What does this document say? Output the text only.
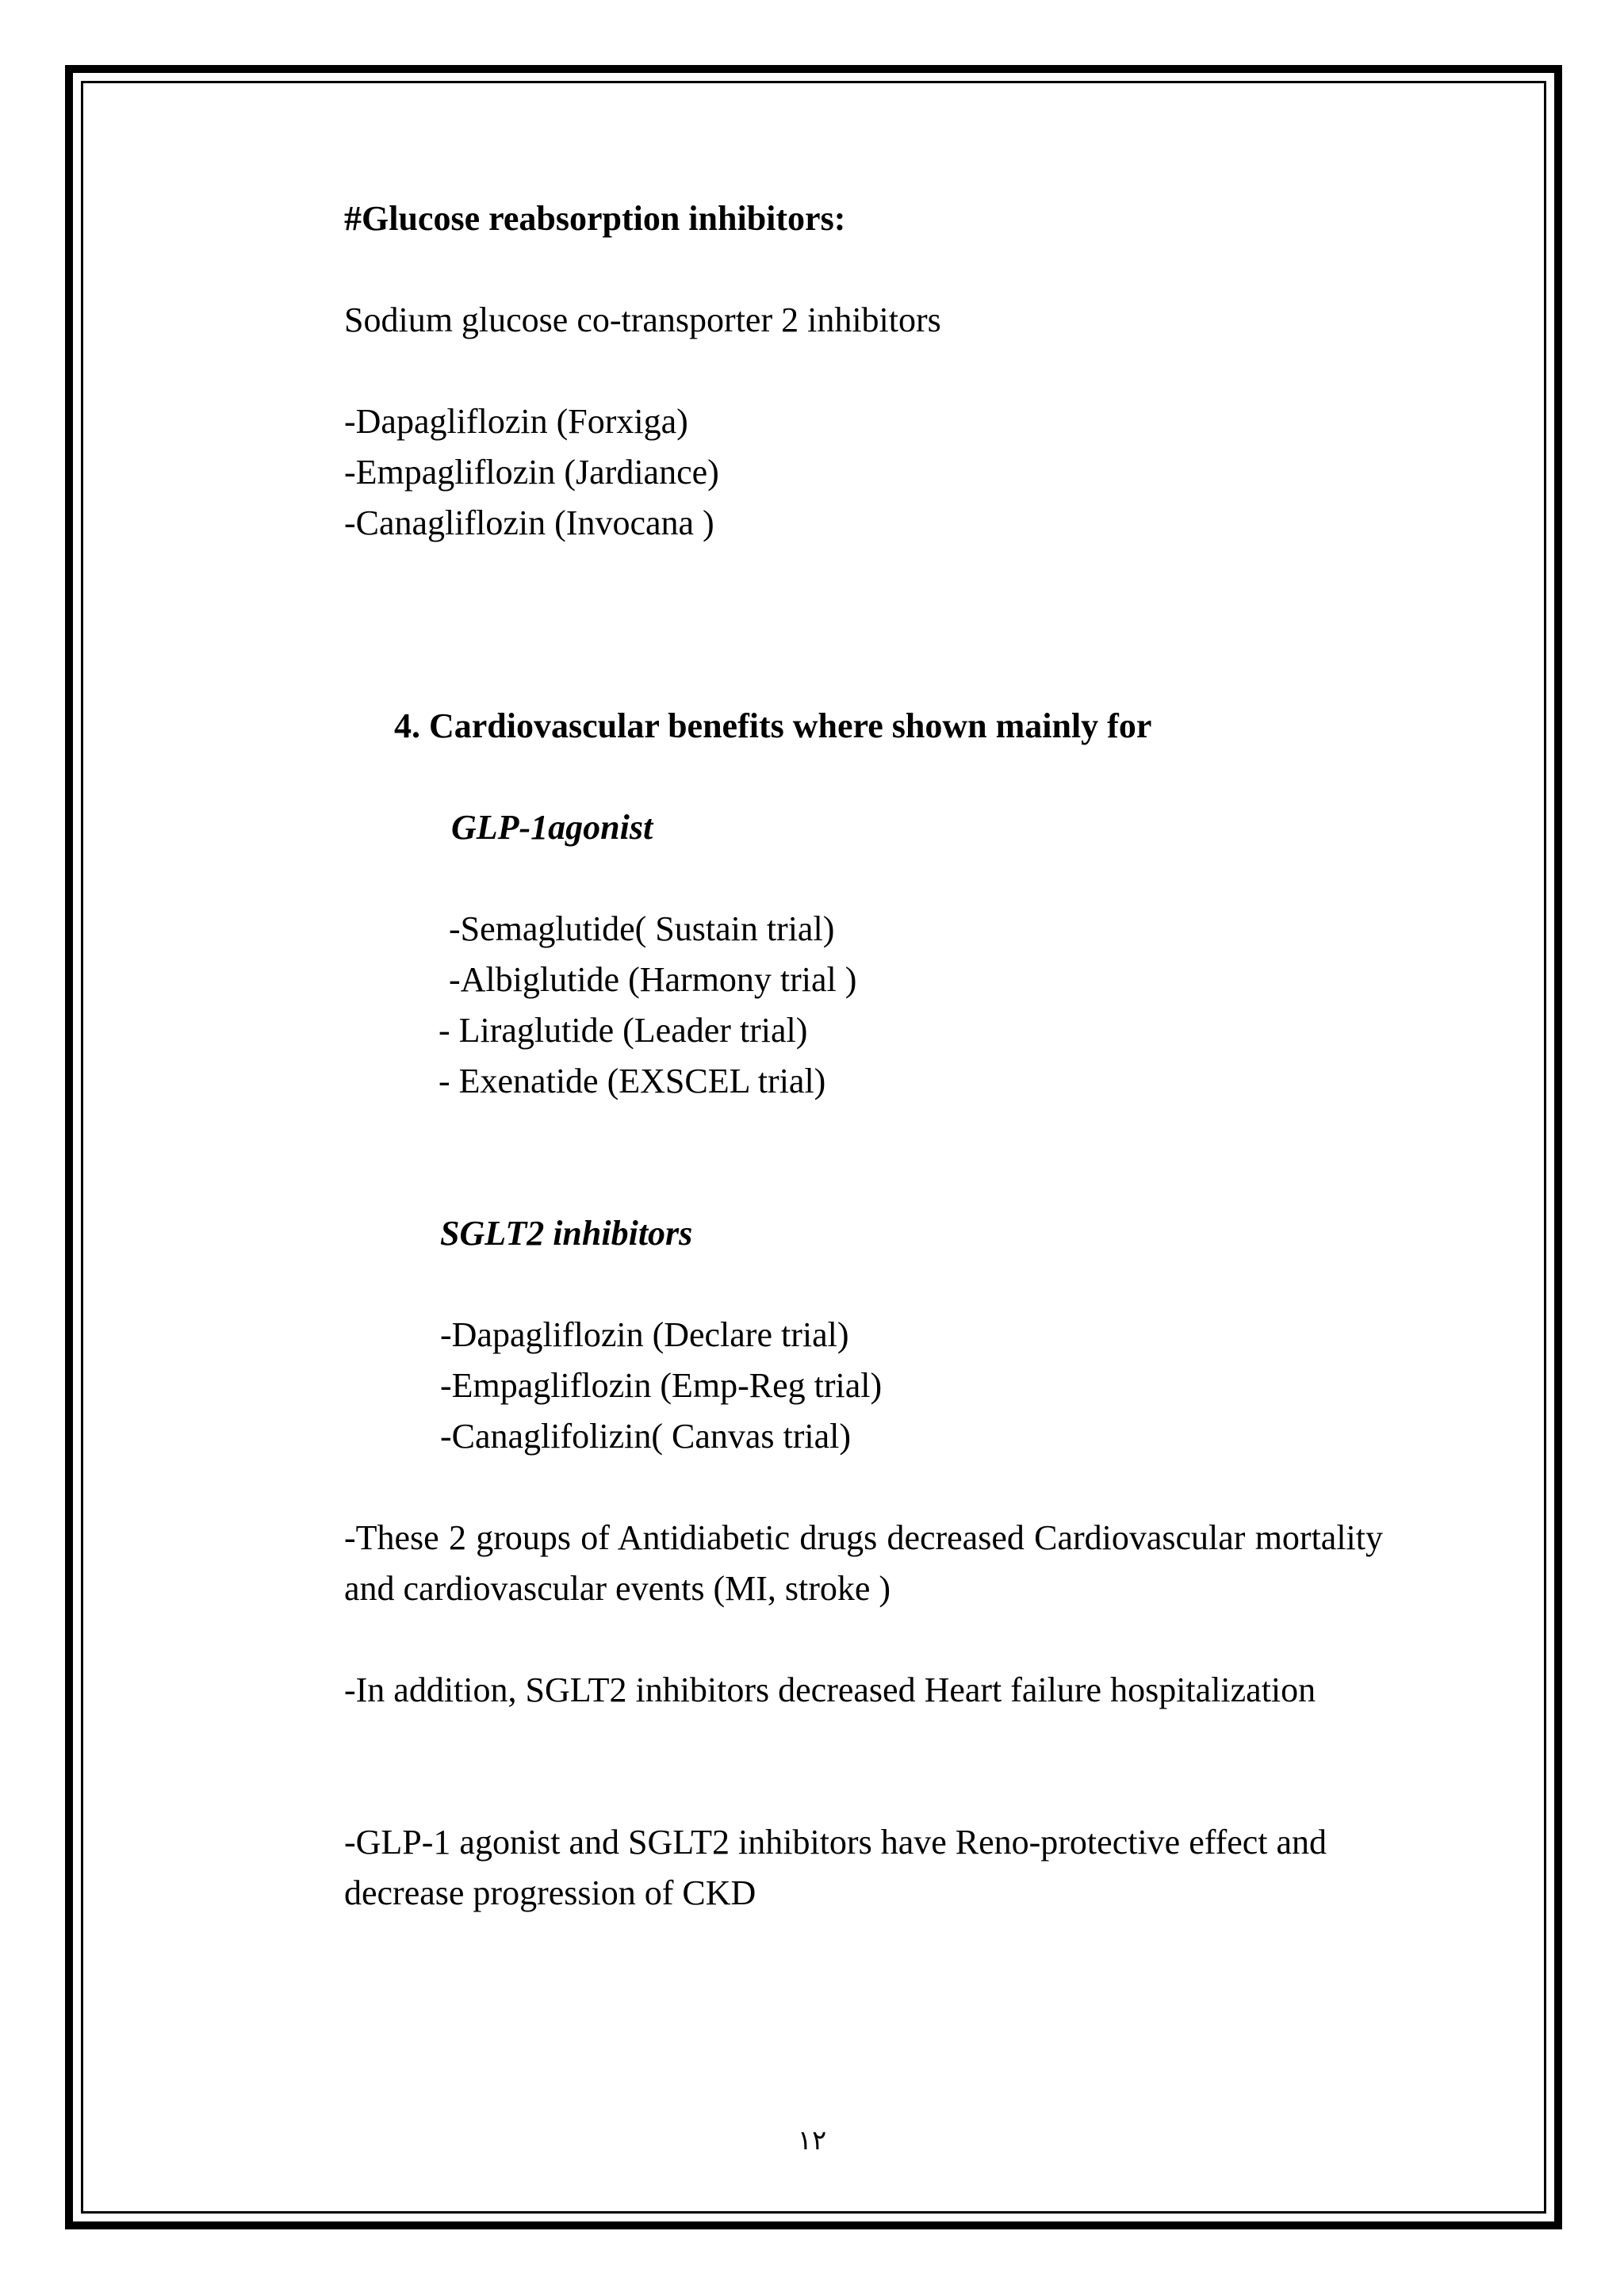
#Glucose reabsorption inhibitors:
Sodium glucose co-transporter 2 inhibitors
-Dapagliflozin (Forxiga)
-Empagliflozin (Jardiance)
-Canagliflozin (Invocana )
4. Cardiovascular benefits where shown mainly for
GLP-1agonist
-Semaglutide( Sustain trial)
-Albiglutide (Harmony trial )
- Liraglutide (Leader trial)
- Exenatide (EXSCEL trial)
SGLT2 inhibitors
-Dapagliflozin (Declare trial)
-Empagliflozin (Emp-Reg trial)
-Canaglifolizin( Canvas trial)
-These 2 groups of Antidiabetic drugs decreased Cardiovascular mortality and cardiovascular events (MI, stroke )
-In addition, SGLT2 inhibitors decreased Heart failure hospitalization
-GLP-1 agonist and SGLT2 inhibitors have Reno-protective effect and decrease progression of CKD
١٢
